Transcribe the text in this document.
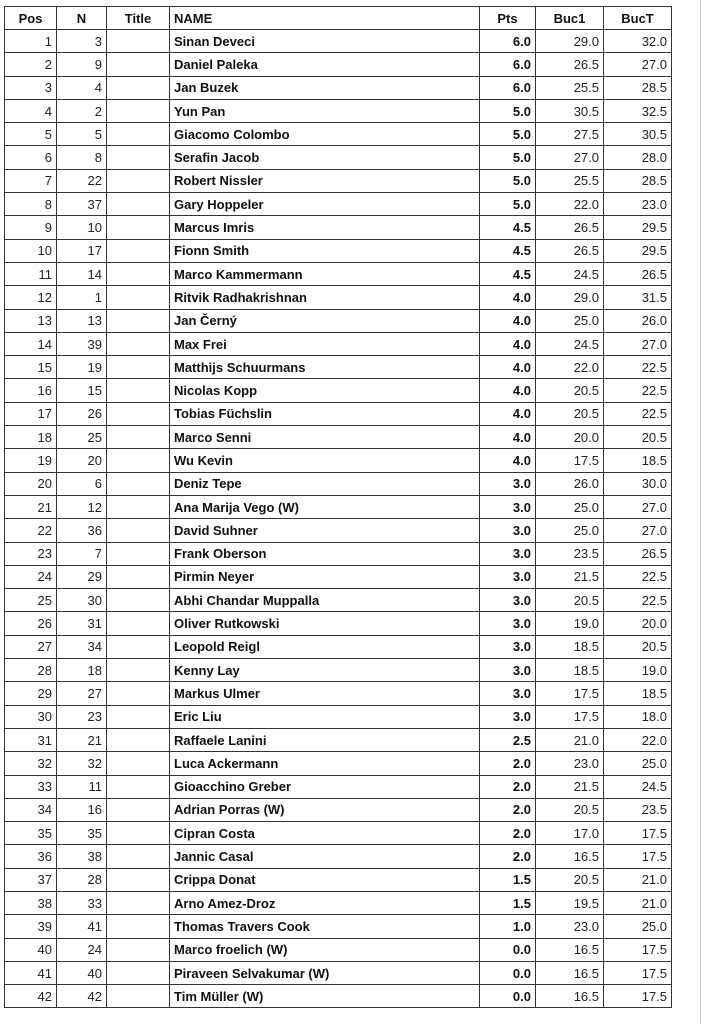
Pos	N	Title	NAME	Pts	Buc1	BucT
1	3		Sinan Deveci	6.0	29.0	32.0
2	9		Daniel Paleka	6.0	26.5	27.0
3	4		Jan Buzek	6.0	25.5	28.5
4	2		Yun Pan	5.0	30.5	32.5
5	5		Giacomo Colombo	5.0	27.5	30.5
6	8		Serafin Jacob	5.0	27.0	28.0
7	22		Robert Nissler	5.0	25.5	28.5
8	37		Gary Hoppeler	5.0	22.0	23.0
9	10		Marcus Imris	4.5	26.5	29.5
10	17		Fionn Smith	4.5	26.5	29.5
11	14		Marco Kammermann	4.5	24.5	26.5
12	1		Ritvik Radhakrishnan	4.0	29.0	31.5
13	13		Jan Černý	4.0	25.0	26.0
14	39		Max Frei	4.0	24.5	27.0
15	19		Matthijs Schuurmans	4.0	22.0	22.5
16	15		Nicolas Kopp	4.0	20.5	22.5
17	26		Tobias Füchslin	4.0	20.5	22.5
18	25		Marco Senni	4.0	20.0	20.5
19	20		Wu Kevin	4.0	17.5	18.5
20	6		Deniz Tepe	3.0	26.0	30.0
21	12		Ana Marija Vego (W)	3.0	25.0	27.0
22	36		David Suhner	3.0	25.0	27.0
23	7		Frank Oberson	3.0	23.5	26.5
24	29		Pirmin Neyer	3.0	21.5	22.5
25	30		Abhi Chandar Muppalla	3.0	20.5	22.5
26	31		Oliver Rutkowski	3.0	19.0	20.0
27	34		Leopold Reigl	3.0	18.5	20.5
28	18		Kenny Lay	3.0	18.5	19.0
29	27		Markus Ulmer	3.0	17.5	18.5
30	23		Eric Liu	3.0	17.5	18.0
31	21		Raffaele Lanini	2.5	21.0	22.0
32	32		Luca Ackermann	2.0	23.0	25.0
33	11		Gioacchino Greber	2.0	21.5	24.5
34	16		Adrian Porras (W)	2.0	20.5	23.5
35	35		Cipran Costa	2.0	17.0	17.5
36	38		Jannic Casal	2.0	16.5	17.5
37	28		Crippa Donat	1.5	20.5	21.0
38	33		Arno Amez-Droz	1.5	19.5	21.0
39	41		Thomas Travers Cook	1.0	23.0	25.0
40	24		Marco froelich (W)	0.0	16.5	17.5
41	40		Piraveen Selvakumar (W)	0.0	16.5	17.5
42	42		Tim Müller (W)	0.0	16.5	17.5
